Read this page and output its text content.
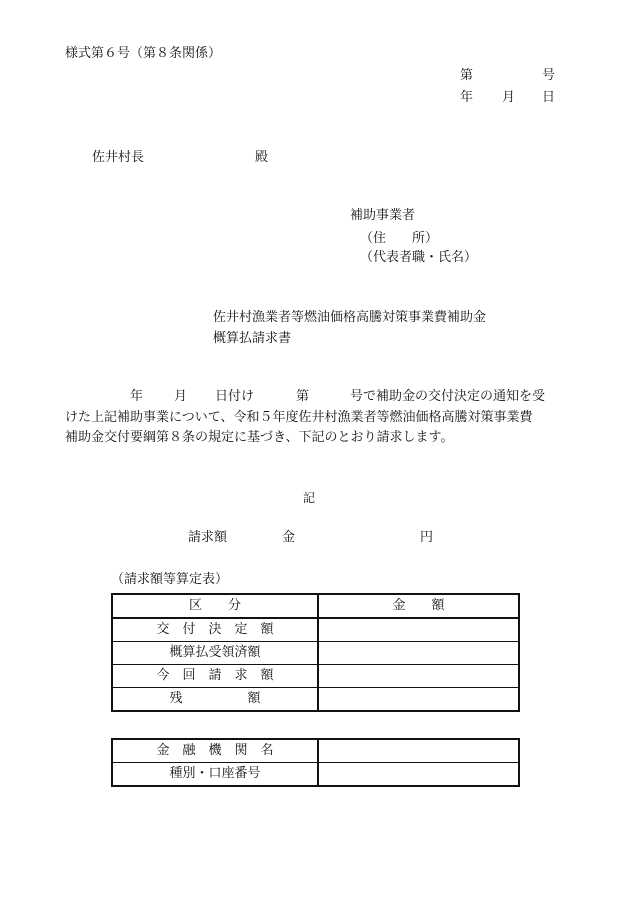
様式第６号（第８条関係）
第	号
年 月 日
佐井村長	殿
補助事業者
（住　　所）
（代表者職・氏名）
佐井村漁業者等燃油価格高騰対策事業費補助金
概算払請求書
年 月 日付け	第	号で補助金の交付決定の通知を受
けた上記補助事業について、令和５年度佐井村漁業者等燃油価格高騰対策事業費
補助金交付要綱第８条の規定に基づき、下記のとおり請求します。
記
請求額	金	円
（請求額等算定表）
区　　分	金　　額
交　付　決　定　額	
概算払受領済額	
今　回　請　求　額	
残　　　　　額	
金　融　機　関　名	
種別・口座番号	
